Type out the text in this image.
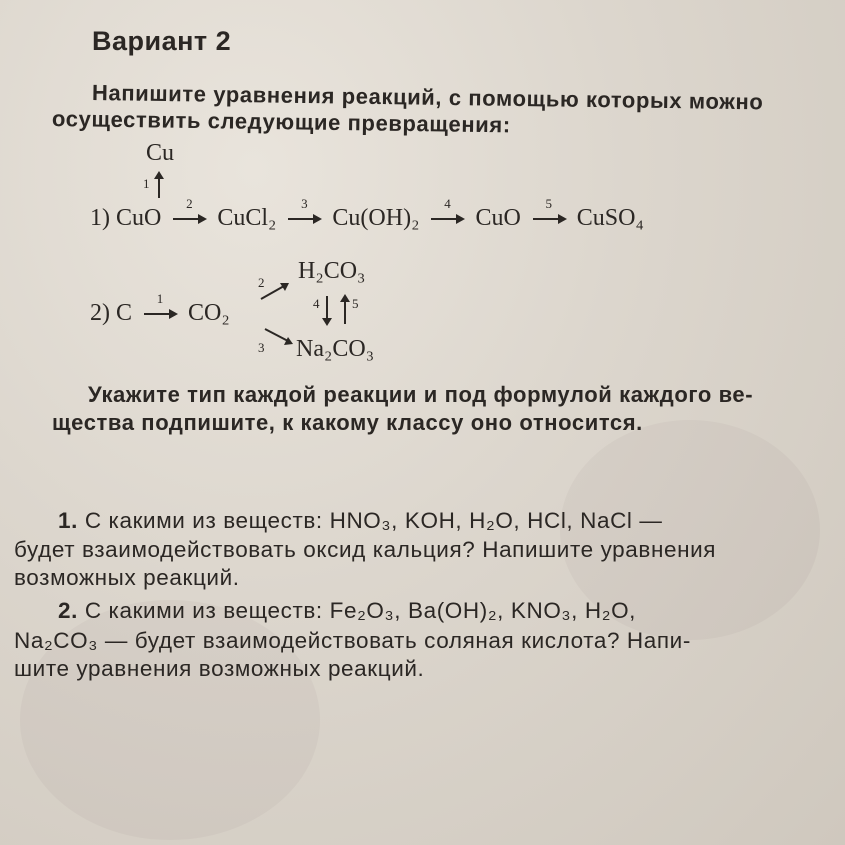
Вариант 2
Напишите уравнения реакций, с помощью которых можно
осуществить следующие превращения:
Cu
1
1) CuO
2
CuCl₂
3
Cu(OH)₂
4
CuO
5
CuSO₄
H₂CO₃
2
2) C
1
CO₂	4	5
3 Na₂CO₃
Укажите тип каждой реакции и под формулой каждого ве-
щества подпишите, к какому классу оно относится.
1. С какими из веществ: HNO₃, KOH, H₂O, HCl, NaCl —
будет взаимодействовать оксид кальция? Напишите уравнения
возможных реакций.
2. С какими из веществ: Fe₂O₃, Ba(OH)₂, KNO₃, H₂O,
Na₂CO₃ — будет взаимодействовать соляная кислота? Напи-
шите уравнения возможных реакций.
